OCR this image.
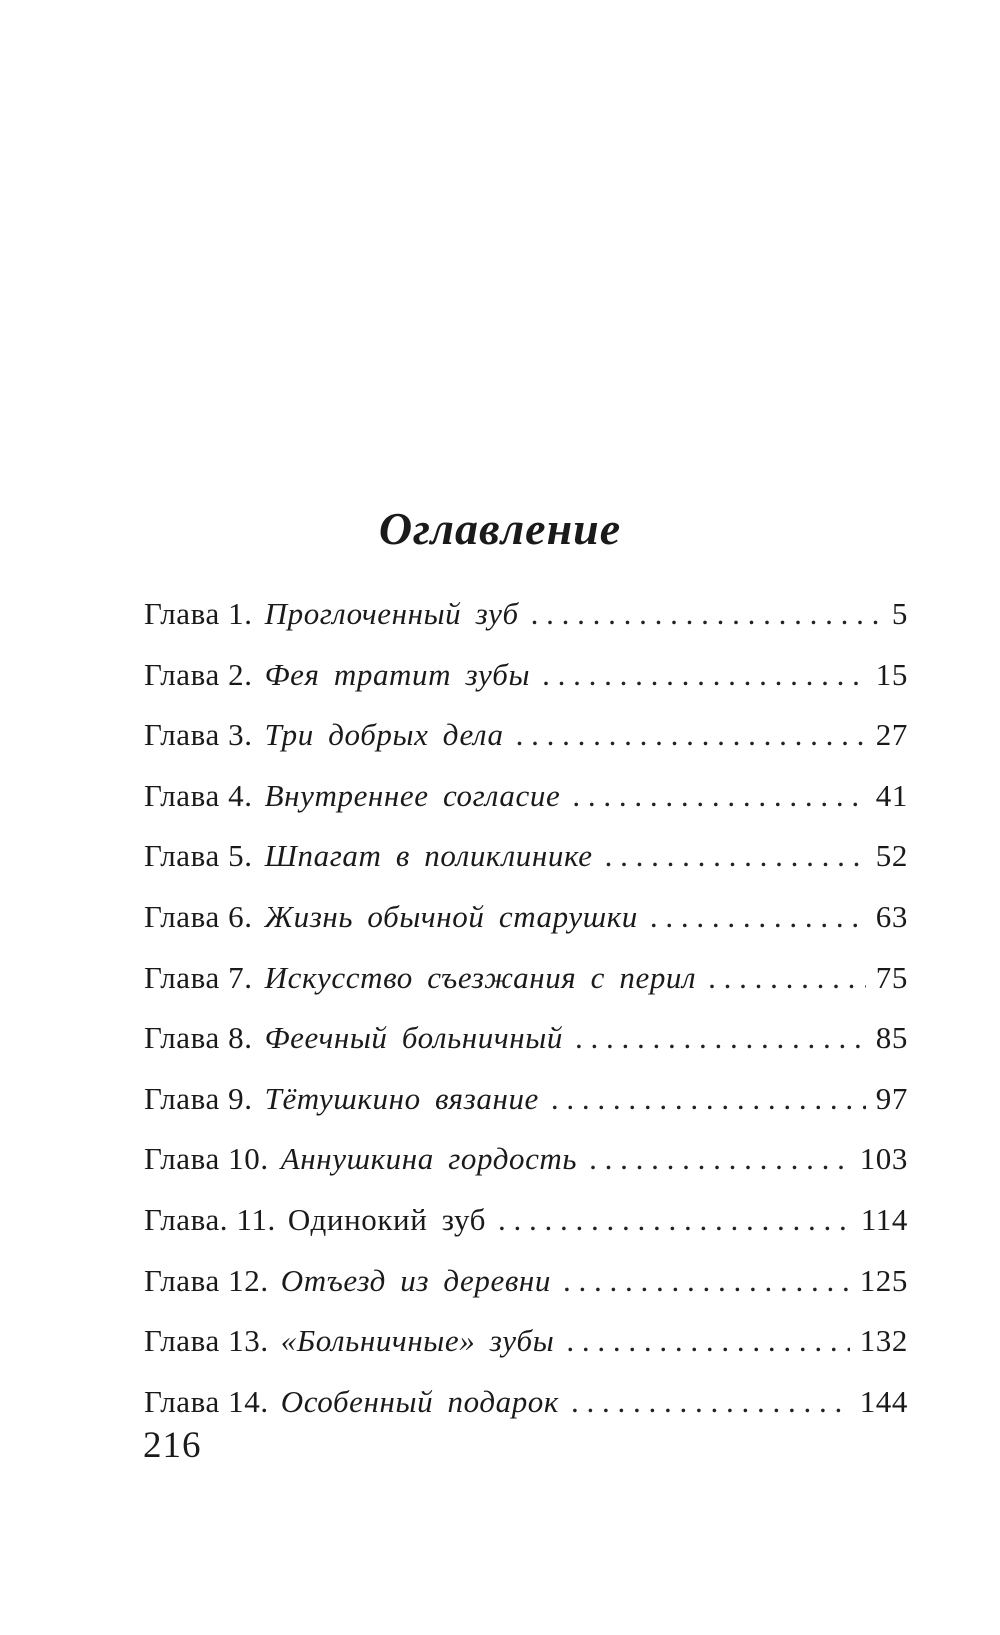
Оглавление
Глава 1. Проглоченный зуб . . .	5
Глава 2. Фея тратит зубы . . .	15
Глава 3. Три добрых дела . . .	27
Глава 4. Внутреннее согласие . . .	41
Глава 5. Шпагат в поликлинике . . .	52
Глава 6. Жизнь обычной старушки . . .	63
Глава 7. Искусство съезжания с перил . . .	75
Глава 8. Феечный больничный . . .	85
Глава 9. Тётушкино вязание . . .	97
Глава 10. Аннушкина гордость . . .	103
Глава. 11. Одинокий зуб . . .	114
Глава 12. Отъезд из деревни . . .	125
Глава 13. «Больничные» зубы . . .	132
Глава 14. Особенный подарок . . .	144
216
